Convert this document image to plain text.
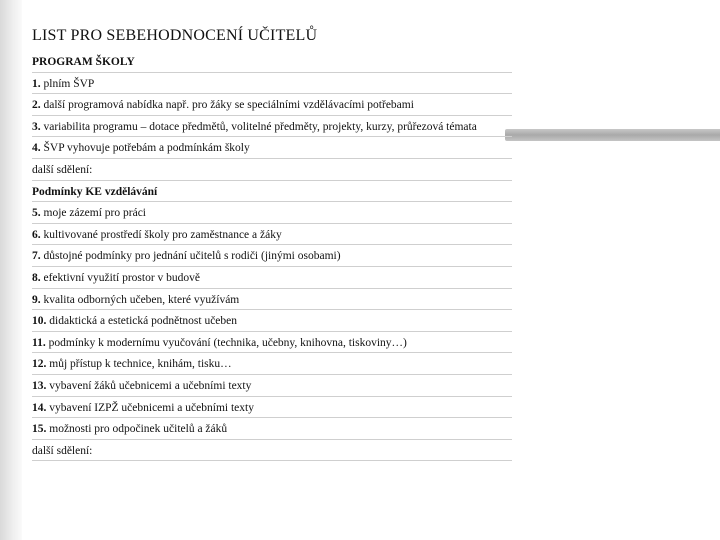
LIST PRO SEBEHODNOCENÍ UČITELŮ
PROGRAM ŠKOLY
1. plním ŠVP
2. další programová nabídka např. pro žáky se speciálními vzdělávacími potřebami
3. variabilita programu – dotace předmětů, volitelné předměty, projekty, kurzy, průřezová témata
4. ŠVP vyhovuje potřebám a podmínkám školy
další sdělení:
Podmínky KE vzdělávání
5. moje zázemí pro práci
6. kultivované prostředí školy pro zaměstnance a žáky
7. důstojné podmínky pro jednání učitelů s rodiči (jinými osobami)
8. efektivní využití prostor v budově
9. kvalita odborných učeben, které využívám
10. didaktická a estetická podnětnost učeben
11. podmínky k modernímu vyučování (technika, učebny, knihovna, tiskoviny…)
12. můj přístup k technice, knihám, tisku…
13. vybavení žáků učebnicemi a učebními texty
14. vybavení IZPŽ učebnicemi a učebními texty
15. možnosti pro odpočinek učitelů a žáků
další sdělení:
